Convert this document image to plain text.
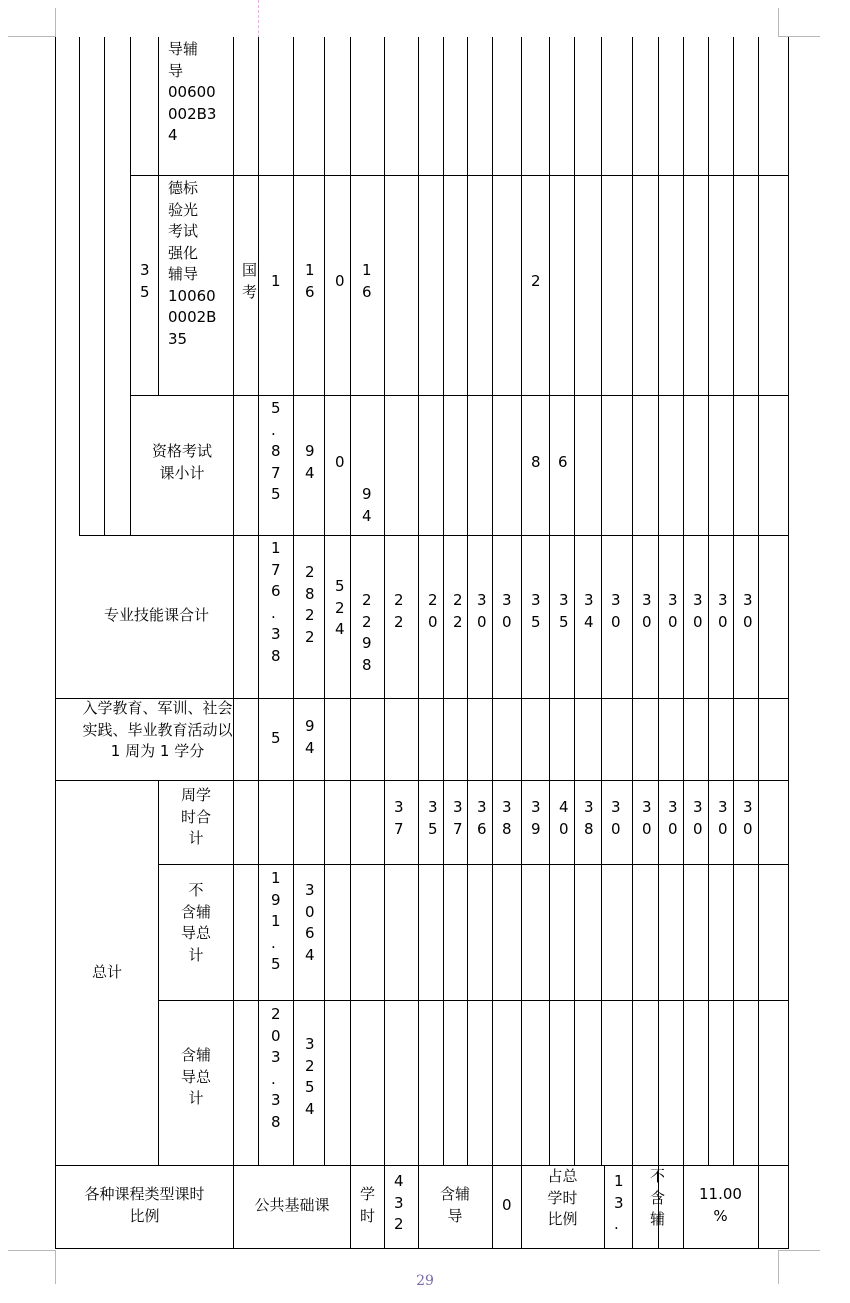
导辅
导
00600
002B3
4
3
5
德标
验光
考试
强化
辅导
10060
0002B
35
国
考
1
1
6
0
1
6
2
资格考试
课小计
5
.
8
7
5
9
4
0

9
4
8 6
专业技能课合计
1
7
6
.
3
8
2
8
2
2
5
2
4
2
2
9
8
2
2
2
0
2
2
3
0
3
0
3
5
3
5
3
4
3
0
3
0
3
0
3
0
3
0
3
0
入学教育、军训、社会
实践、毕业教育活动以
1 周为 1 学分
5
9
4
总计
周学
时合
计
3
7
3
5
3
7
3
6
3
8
3
9
4
0
3
8
3
0
3
0
3
0
3
0
3
0
3
0
不
含辅
导总
计
1
9
1
.
5
3
0
6
4
含辅
导总
计
2
0
3
.
3
8
3
2
5
4
各种课程类型课时
比例
公共基础课
学
时
4
3
2
含辅
导
0
占总
学时
比例
1
3
.
不
含
辅
11.00
%
29
